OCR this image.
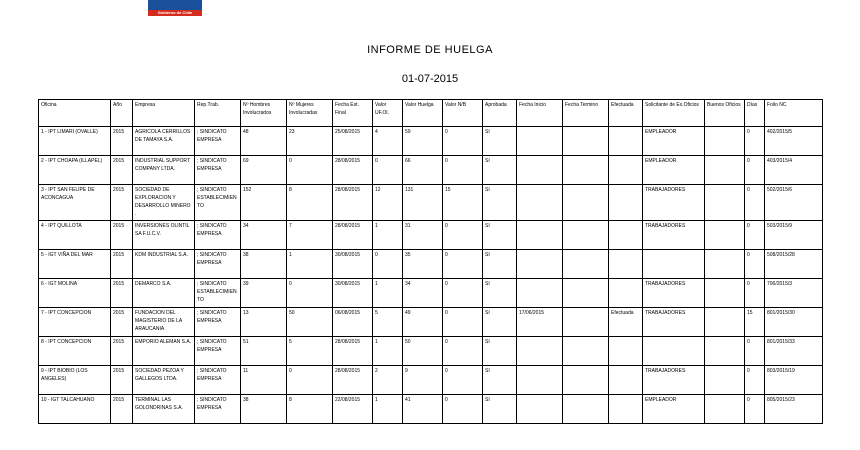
Gobierno de Chile
INFORME DE HUELGA
01-07-2015
Oficina	Año	Empresa	Rep.Trab.	Nº Hombres Involucrados	Nº Mujeres Involucradas	Fecha Est. Final	Valor UF.Ol.	Valor Huelga	Valor N/B	Aprobada	Fecha Inicio	Fecha Termino	Efectuada	Solicitante de Ex.Oficios	Buenos Oficios	Días	Folio NC
1 - IPT LIMARI (OVALLE)	2015	AGRICOLA CERRILLOS DE TAMAYA S.A.	; SINDICATO EMPRESA	48	23	25/08/2015	4	59	0	SI				EMPLEADOR		0	402/2015/5
2 - IPT CHOAPA (ILLAPEL)	2015	INDUSTRIAL SUPPORT COMPANY LTDA.	; SINDICATO EMPRESA	69	0	28/08/2015	0	66	0	SI				EMPLEADOR		0	403/2015/4
3 - IPT SAN FELIPE DE ACONCAGUA	2015	SOCIEDAD DE EXPLORACION Y DESARROLLO MINERO .	; SINDICATO ESTABLECIMIENTO	152	8	28/08/2015	12	131	15	SI				TRABAJADORES		0	502/2015/6
4 - IPT QUILLOTA	2015	INVERSIONES OLINTIL SA F.U.C.V.	; SINDICATO EMPRESA	34	7	28/08/2015	1	31	0	SI				TRABAJADORES		0	503/2015/9
5 - IGT VIÑA DEL MAR	2015	KDM INDUSTRIAL S.A.	; SINDICATO EMPRESA	38	1	30/08/2015	0	35	0	SI						0	508/2015/28
6 - IGT MOLINA	2015	DEMARCO S.A.	; SINDICATO ESTABLECIMIENTO	39	0	30/08/2015	1	34	0	SI				TRABAJADORES		0	706/2015/3
7 - IPT CONCEPCION	2015	FUNDACION DEL MAGISTERIO DE LA ARAUCANIA	; SINDICATO EMPRESA	13	50	06/08/2015	5	49	0	SI	17/06/2015		Efectuada	TRABAJADORES		15	801/2015/30
8 - IPT CONCEPCION	2015	EMPORIO ALEMAN S.A.	; SINDICATO EMPRESA	51	5	28/08/2015	1	50	0	SI						0	801/2015/33
9 - IPT BIOBIO (LOS ANGELES)	2015	SOCIEDAD PEZOA Y GALLEGOS LTDA.	; SINDICATO EMPRESA	11	0	28/08/2015	2	9	0	SI				TRABAJADORES		0	803/2015/19
10 - IGT TALCAHUANO	2015	TERMINAL LAS GOLONDRINAS S.A.	; SINDICATO EMPRESA	38	8	22/08/2015	1	41	0	SI				EMPLEADOR		0	805/2015/23
